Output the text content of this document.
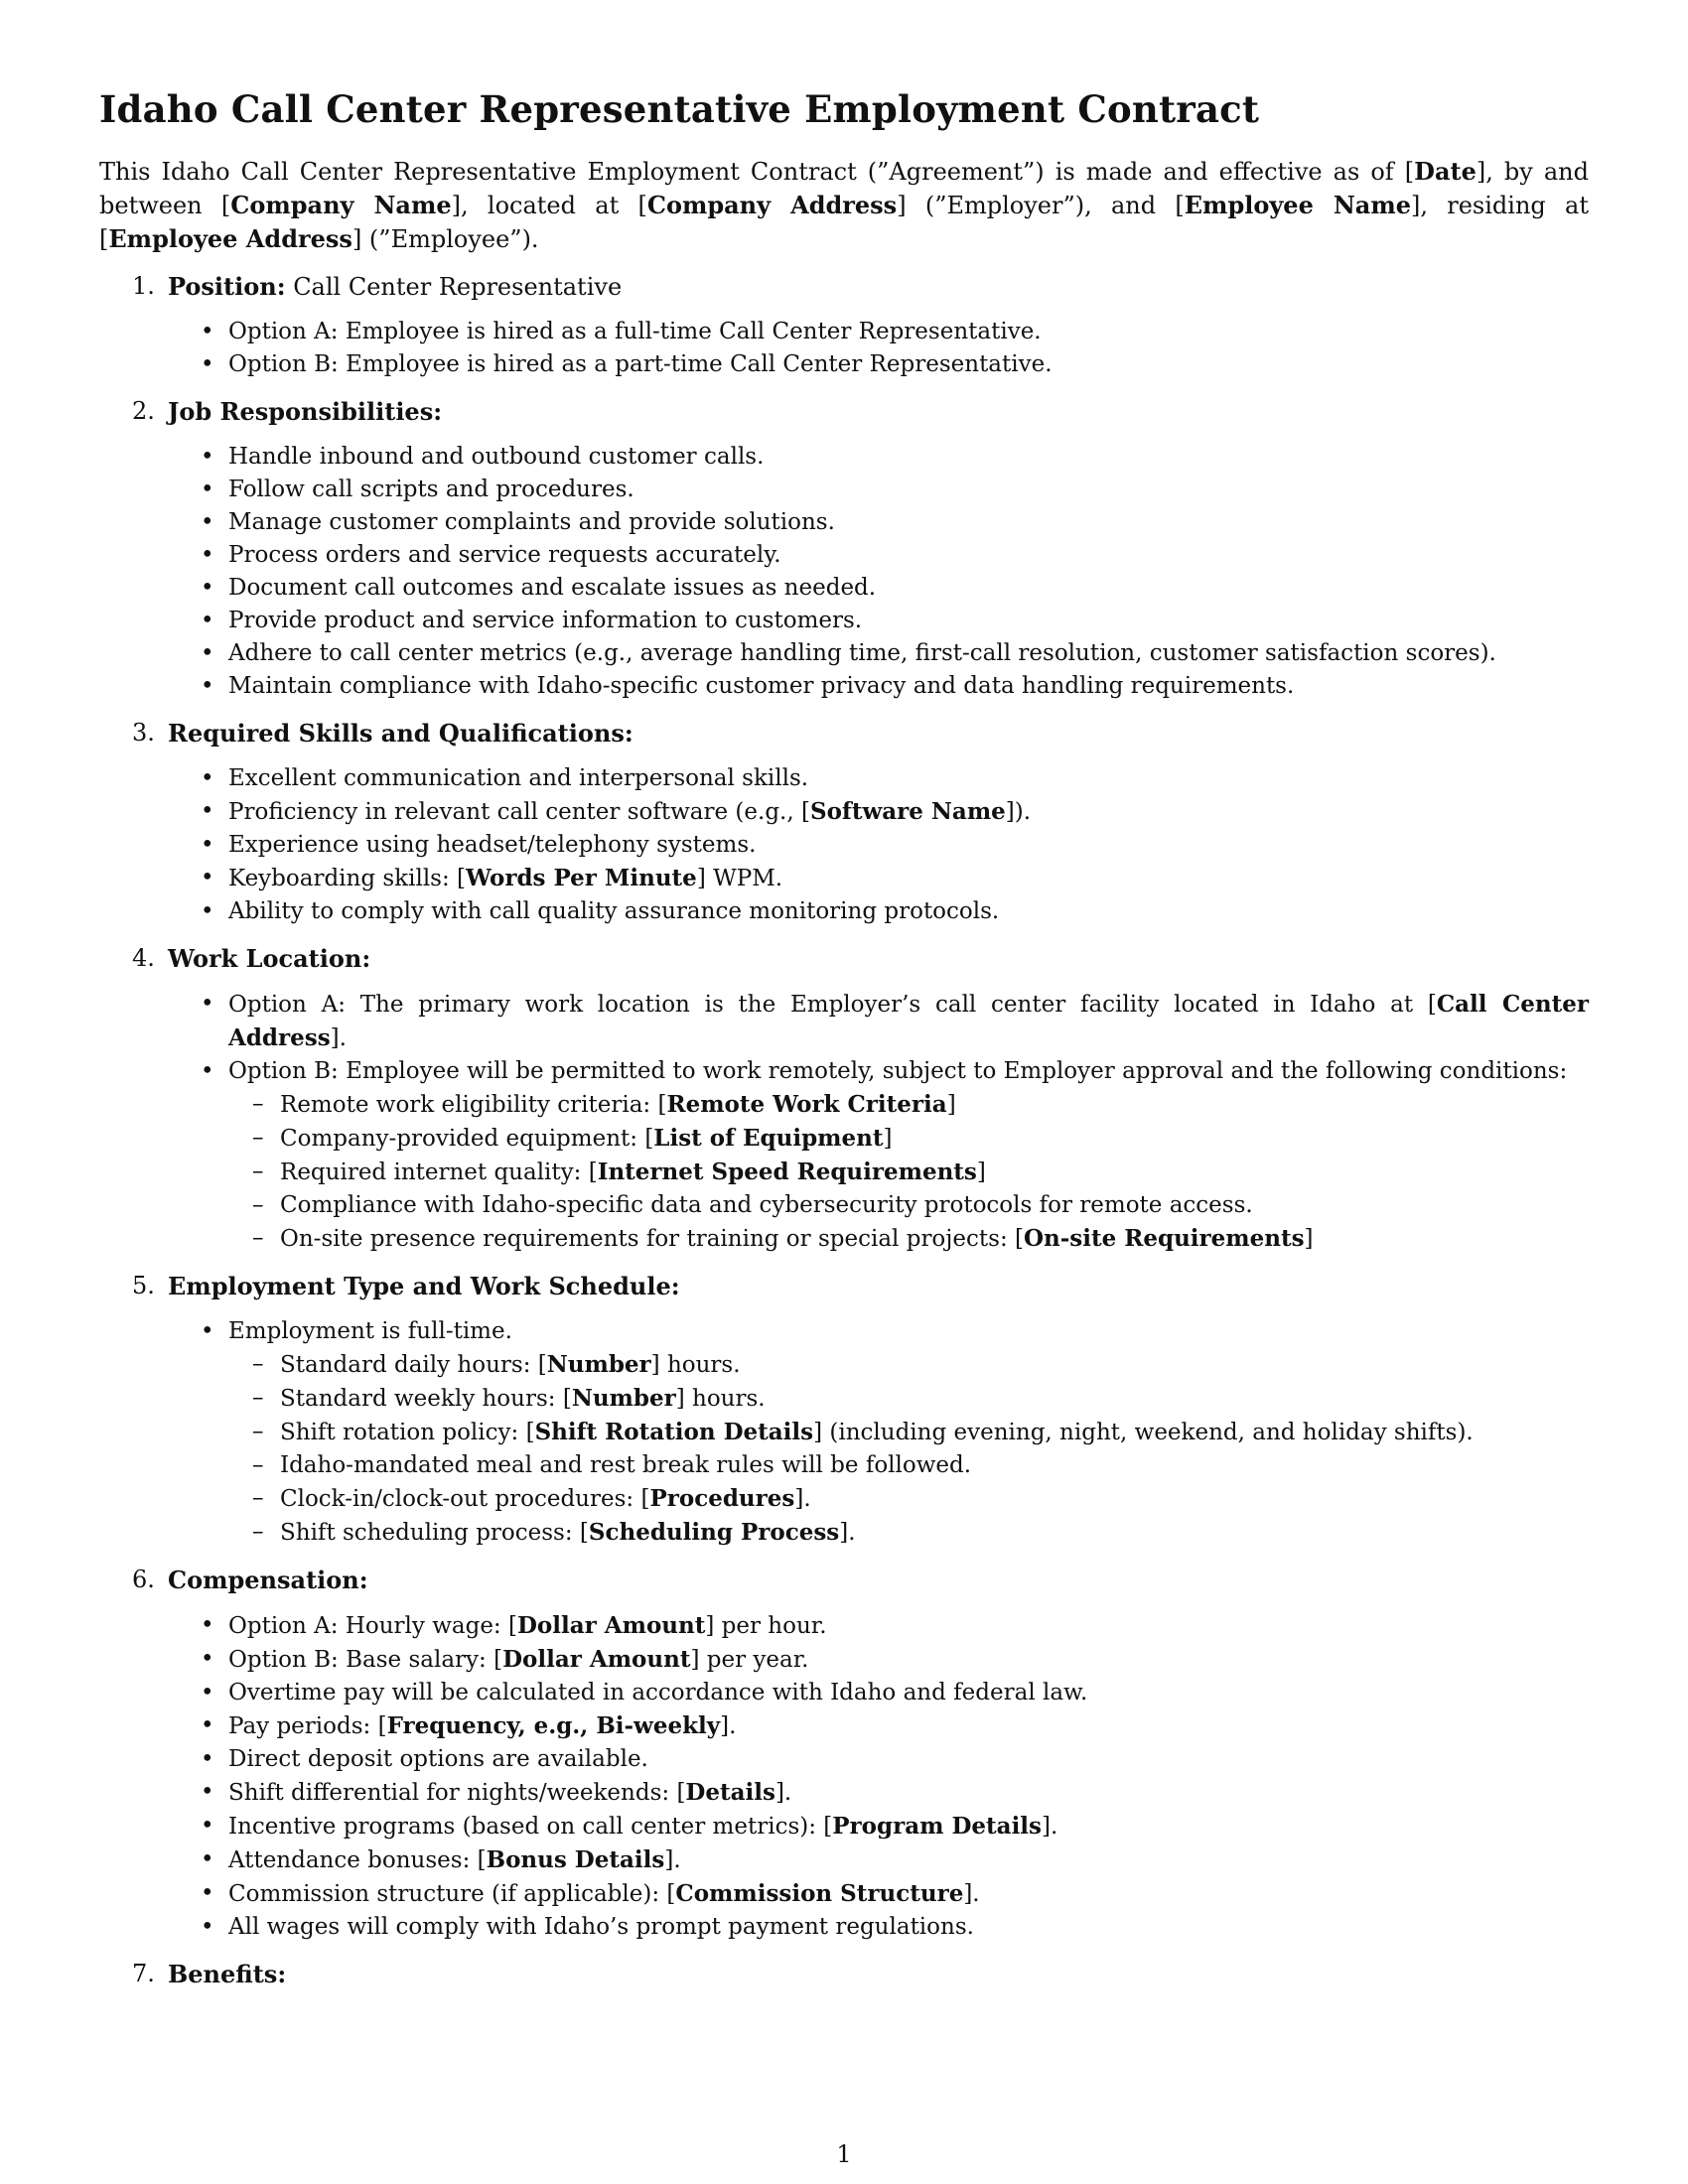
Idaho Call Center Representative Employment Contract

This Idaho Call Center Representative Employment Contract (”Agreement”) is made and effective as of [Date], by and between [Company Name], located at [Company Address] (”Employer”), and [Employee Name], residing at [Employee Address] (”Employee”).

1. Position: Call Center Representative
• Option A: Employee is hired as a full-time Call Center Representative.
• Option B: Employee is hired as a part-time Call Center Representative.
2. Job Responsibilities:
• Handle inbound and outbound customer calls.
• Follow call scripts and procedures.
• Manage customer complaints and provide solutions.
• Process orders and service requests accurately.
• Document call outcomes and escalate issues as needed.
• Provide product and service information to customers.
• Adhere to call center metrics (e.g., average handling time, first-call resolution, customer satisfaction scores).
• Maintain compliance with Idaho-specific customer privacy and data handling requirements.
3. Required Skills and Qualifications:
• Excellent communication and interpersonal skills.
• Proficiency in relevant call center software (e.g., [Software Name]).
• Experience using headset/telephony systems.
• Keyboarding skills: [Words Per Minute] WPM.
• Ability to comply with call quality assurance monitoring protocols.
4. Work Location:
• Option A: The primary work location is the Employer’s call center facility located in Idaho at [Call Center Address].
• Option B: Employee will be permitted to work remotely, subject to Employer approval and the following conditions:
– Remote work eligibility criteria: [Remote Work Criteria]
– Company-provided equipment: [List of Equipment]
– Required internet quality: [Internet Speed Requirements]
– Compliance with Idaho-specific data and cybersecurity protocols for remote access.
– On-site presence requirements for training or special projects: [On-site Requirements]
5. Employment Type and Work Schedule:
• Employment is full-time.
– Standard daily hours: [Number] hours.
– Standard weekly hours: [Number] hours.
– Shift rotation policy: [Shift Rotation Details] (including evening, night, weekend, and holiday shifts).
– Idaho-mandated meal and rest break rules will be followed.
– Clock-in/clock-out procedures: [Procedures].
– Shift scheduling process: [Scheduling Process].
6. Compensation:
• Option A: Hourly wage: [Dollar Amount] per hour.
• Option B: Base salary: [Dollar Amount] per year.
• Overtime pay will be calculated in accordance with Idaho and federal law.
• Pay periods: [Frequency, e.g., Bi-weekly].
• Direct deposit options are available.
• Shift differential for nights/weekends: [Details].
• Incentive programs (based on call center metrics): [Program Details].
• Attendance bonuses: [Bonus Details].
• Commission structure (if applicable): [Commission Structure].
• All wages will comply with Idaho’s prompt payment regulations.
7. Benefits:
1
